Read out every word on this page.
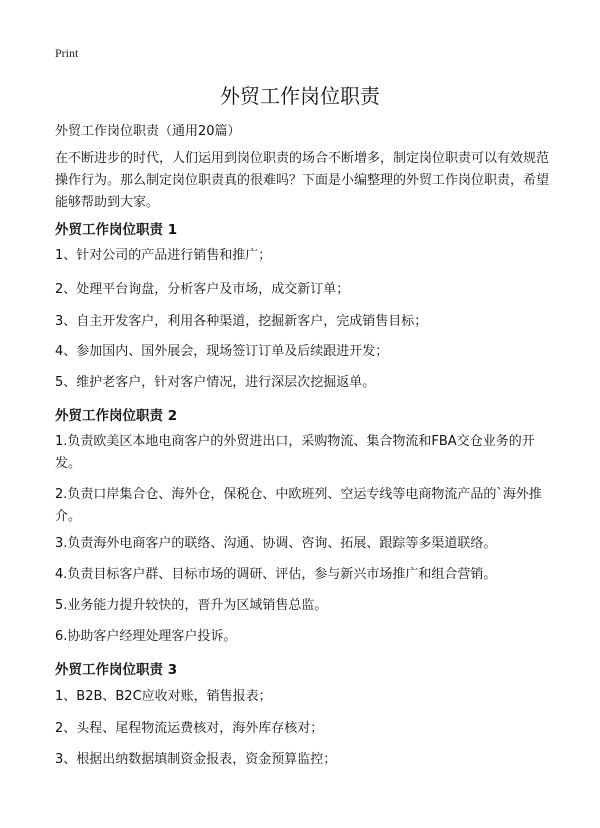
Print
外贸工作岗位职责
外贸工作岗位职责（通用20篇）
在不断进步的时代，人们运用到岗位职责的场合不断增多，制定岗位职责可以有效规范操作行为。那么制定岗位职责真的很难吗？下面是小编整理的外贸工作岗位职责，希望能够帮助到大家。
外贸工作岗位职责 1
1、针对公司的产品进行销售和推广；
2、处理平台询盘，分析客户及市场，成交新订单；
3、自主开发客户，利用各种渠道，挖掘新客户，完成销售目标；
4、参加国内、国外展会，现场签订订单及后续跟进开发；
5、维护老客户，针对客户情况，进行深层次挖掘返单。
外贸工作岗位职责 2
1.负责欧美区本地电商客户的外贸进出口，采购物流、集合物流和FBA交仓业务的开发。
2.负责口岸集合仓、海外仓，保税仓、中欧班列、空运专线等电商物流产品的`海外推介。
3.负责海外电商客户的联络、沟通、协调、咨询、拓展、跟踪等多渠道联络。
4.负责目标客户群、目标市场的调研、评估，参与新兴市场推广和组合营销。
5.业务能力提升较快的，晋升为区域销售总监。
6.协助客户经理处理客户投诉。
外贸工作岗位职责 3
1、B2B、B2C应收对账，销售报表；
2、头程、尾程物流运费核对，海外库存核对；
3、根据出纳数据填制资金报表，资金预算监控；
